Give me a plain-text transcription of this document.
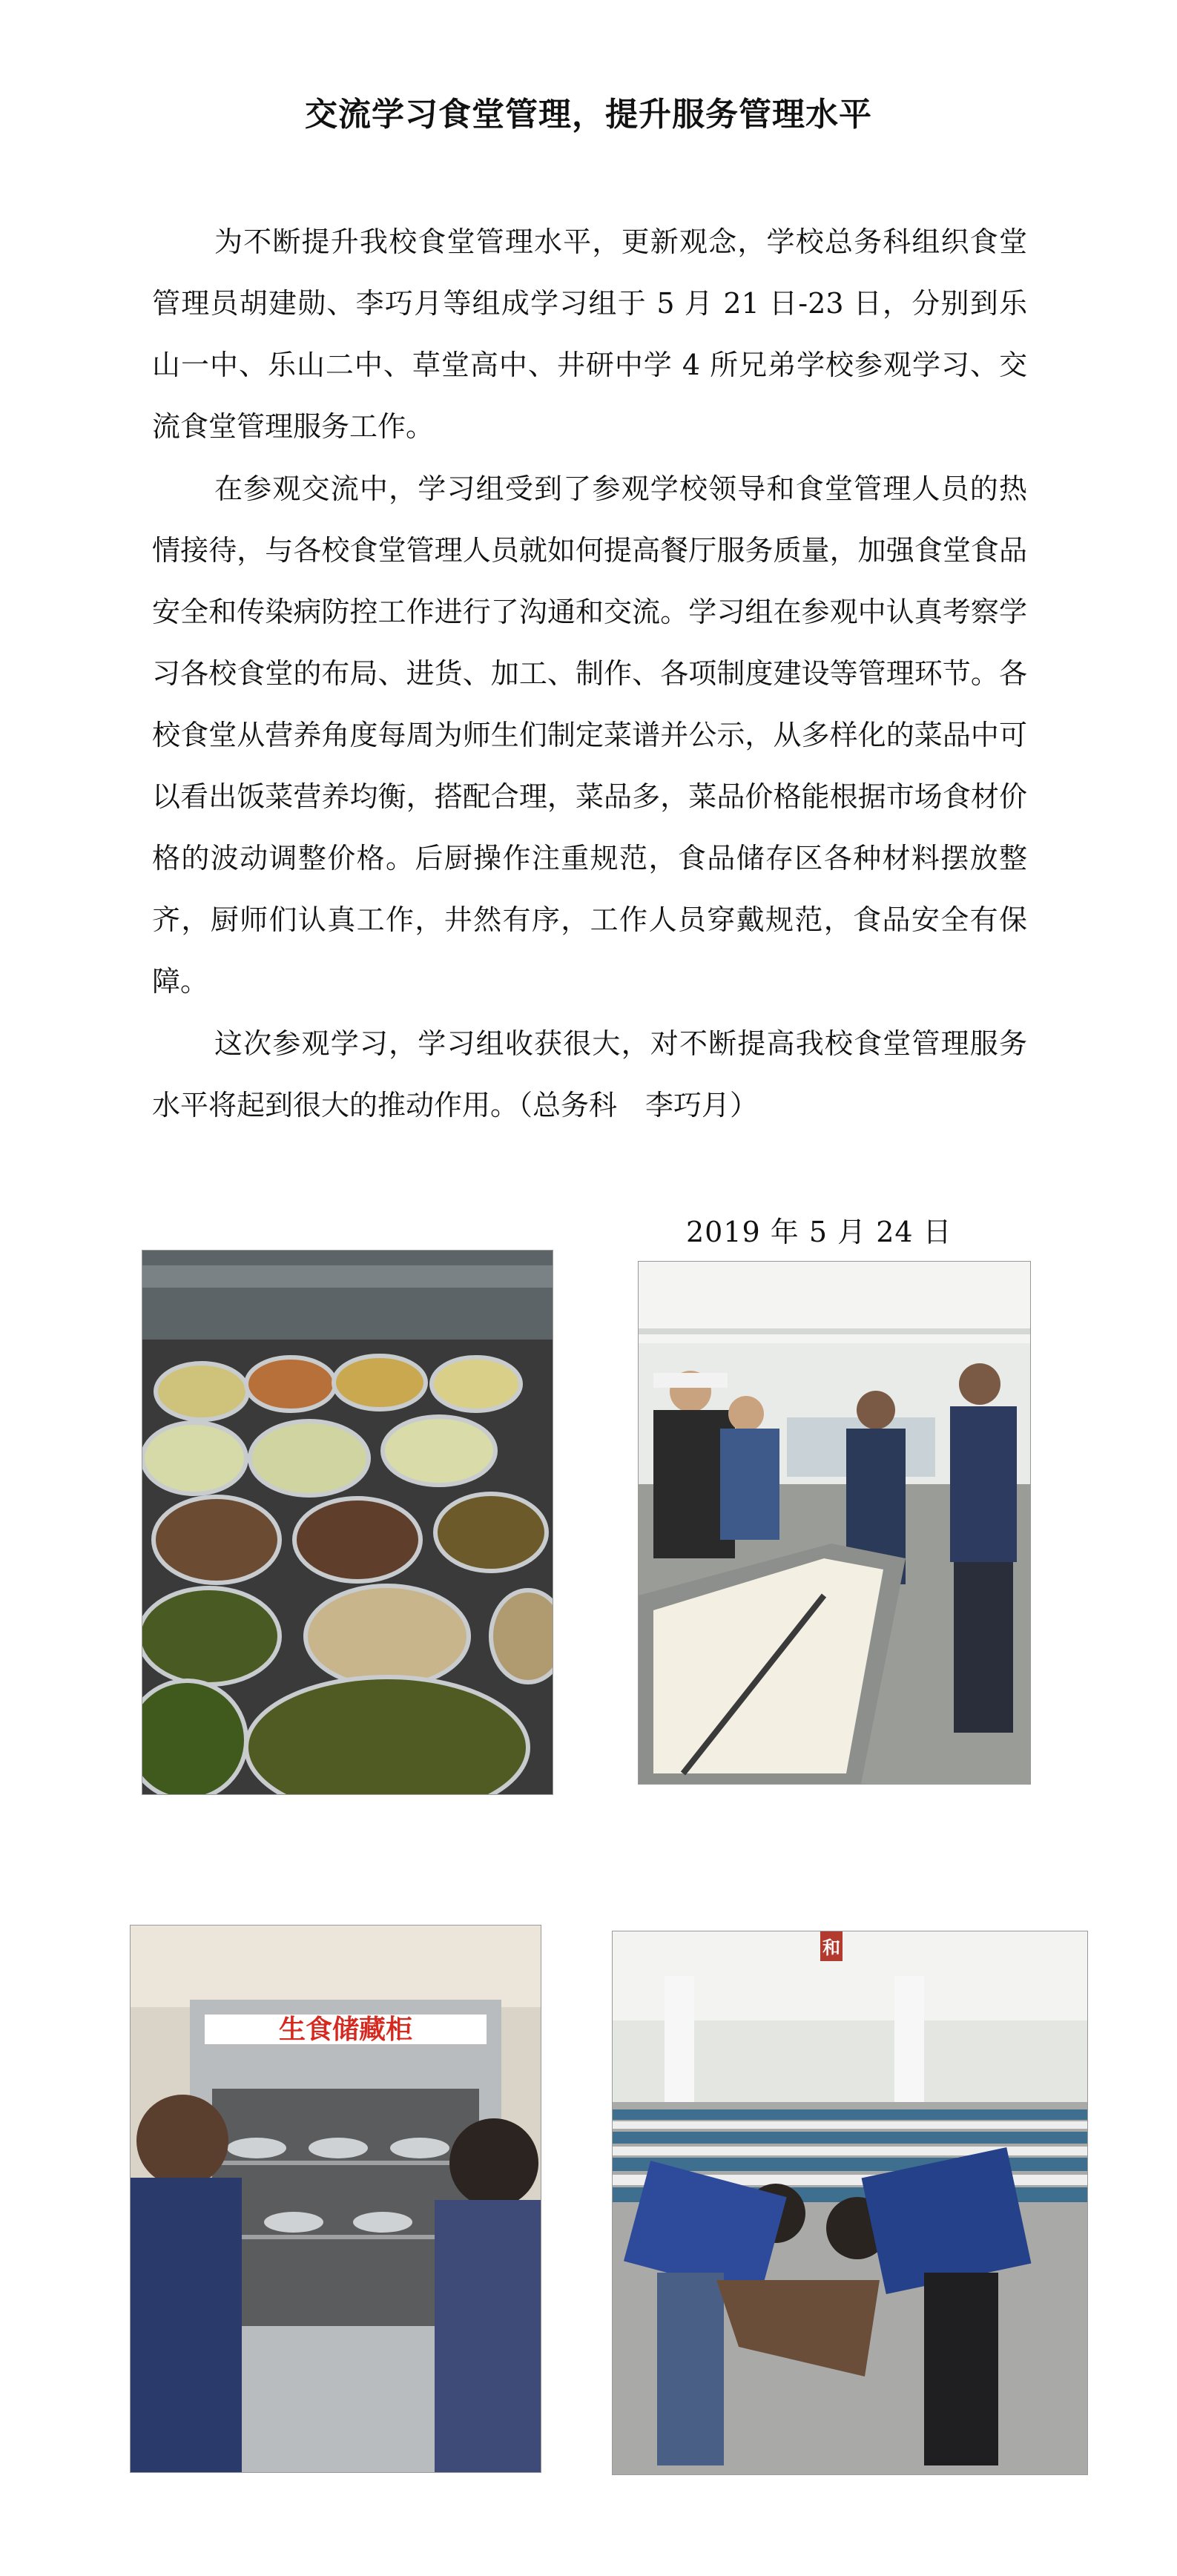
交流学习食堂管理，提升服务管理水平

为不断提升我校食堂管理水平，更新观念，学校总务科组织食堂管理员胡建勋、李巧月等组成学习组于 5 月 21 日-23 日，分别到乐山一中、乐山二中、草堂高中、井研中学 4 所兄弟学校参观学习、交流食堂管理服务工作。

在参观交流中，学习组受到了参观学校领导和食堂管理人员的热情接待，与各校食堂管理人员就如何提高餐厅服务质量，加强食堂食品安全和传染病防控工作进行了沟通和交流。学习组在参观中认真考察学习各校食堂的布局、进货、加工、制作、各项制度建设等管理环节。各校食堂从营养角度每周为师生们制定菜谱并公示，从多样化的菜品中可以看出饭菜营养均衡，搭配合理，菜品多，菜品价格能根据市场食材价格的波动调整价格。后厨操作注重规范，食品储存区各种材料摆放整齐，厨师们认真工作，井然有序，工作人员穿戴规范，食品安全有保障。

这次参观学习，学习组收获很大，对不断提高我校食堂管理服务水平将起到很大的推动作用。（总务科　李巧月）

2019 年 5 月 24 日
生食储藏柜
和
